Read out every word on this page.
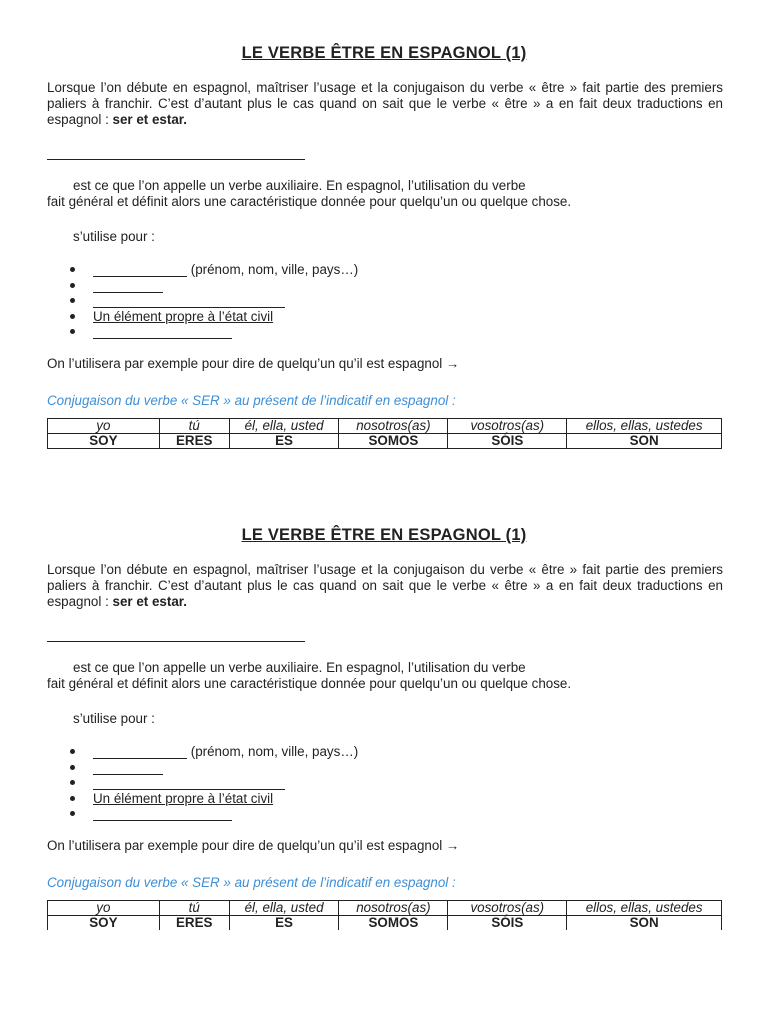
LE VERBE ÊTRE EN ESPAGNOL (1)

Lorsque l’on débute en espagnol, maîtriser l’usage et la conjugaison du verbe « être » fait partie des premiers paliers à franchir. C’est d’autant plus le cas quand on sait que le verbe « être » a en fait deux traductions en espagnol : ser et estar.

est ce que l’on appelle un verbe auxiliaire. En espagnol, l’utilisation du verbe
fait général et définit alors une caractéristique donnée pour quelqu’un ou quelque chose.

s’utilise pour :

(prénom, nom, ville, pays…)
Un élément propre à l’état civil

On l’utilisera par exemple pour dire de quelqu’un qu’il est espagnol →

Conjugaison du verbe « SER » au présent de l’indicatif en espagnol :

yo	tú	él, ella, usted	nosotros(as)	vosotros(as)	ellos, ellas, ustedes
SOY	ERES	ES	SOMOS	SÓIS	SON
LE VERBE ÊTRE EN ESPAGNOL (1)

Lorsque l’on débute en espagnol, maîtriser l’usage et la conjugaison du verbe « être » fait partie des premiers paliers à franchir. C’est d’autant plus le cas quand on sait que le verbe « être » a en fait deux traductions en espagnol : ser et estar.

est ce que l’on appelle un verbe auxiliaire. En espagnol, l’utilisation du verbe
fait général et définit alors une caractéristique donnée pour quelqu’un ou quelque chose.

s’utilise pour :

(prénom, nom, ville, pays…)
Un élément propre à l’état civil

On l’utilisera par exemple pour dire de quelqu’un qu’il est espagnol →

Conjugaison du verbe « SER » au présent de l’indicatif en espagnol :

yo	tú	él, ella, usted	nosotros(as)	vosotros(as)	ellos, ellas, ustedes
SOY	ERES	ES	SOMOS	SÓIS	SON
